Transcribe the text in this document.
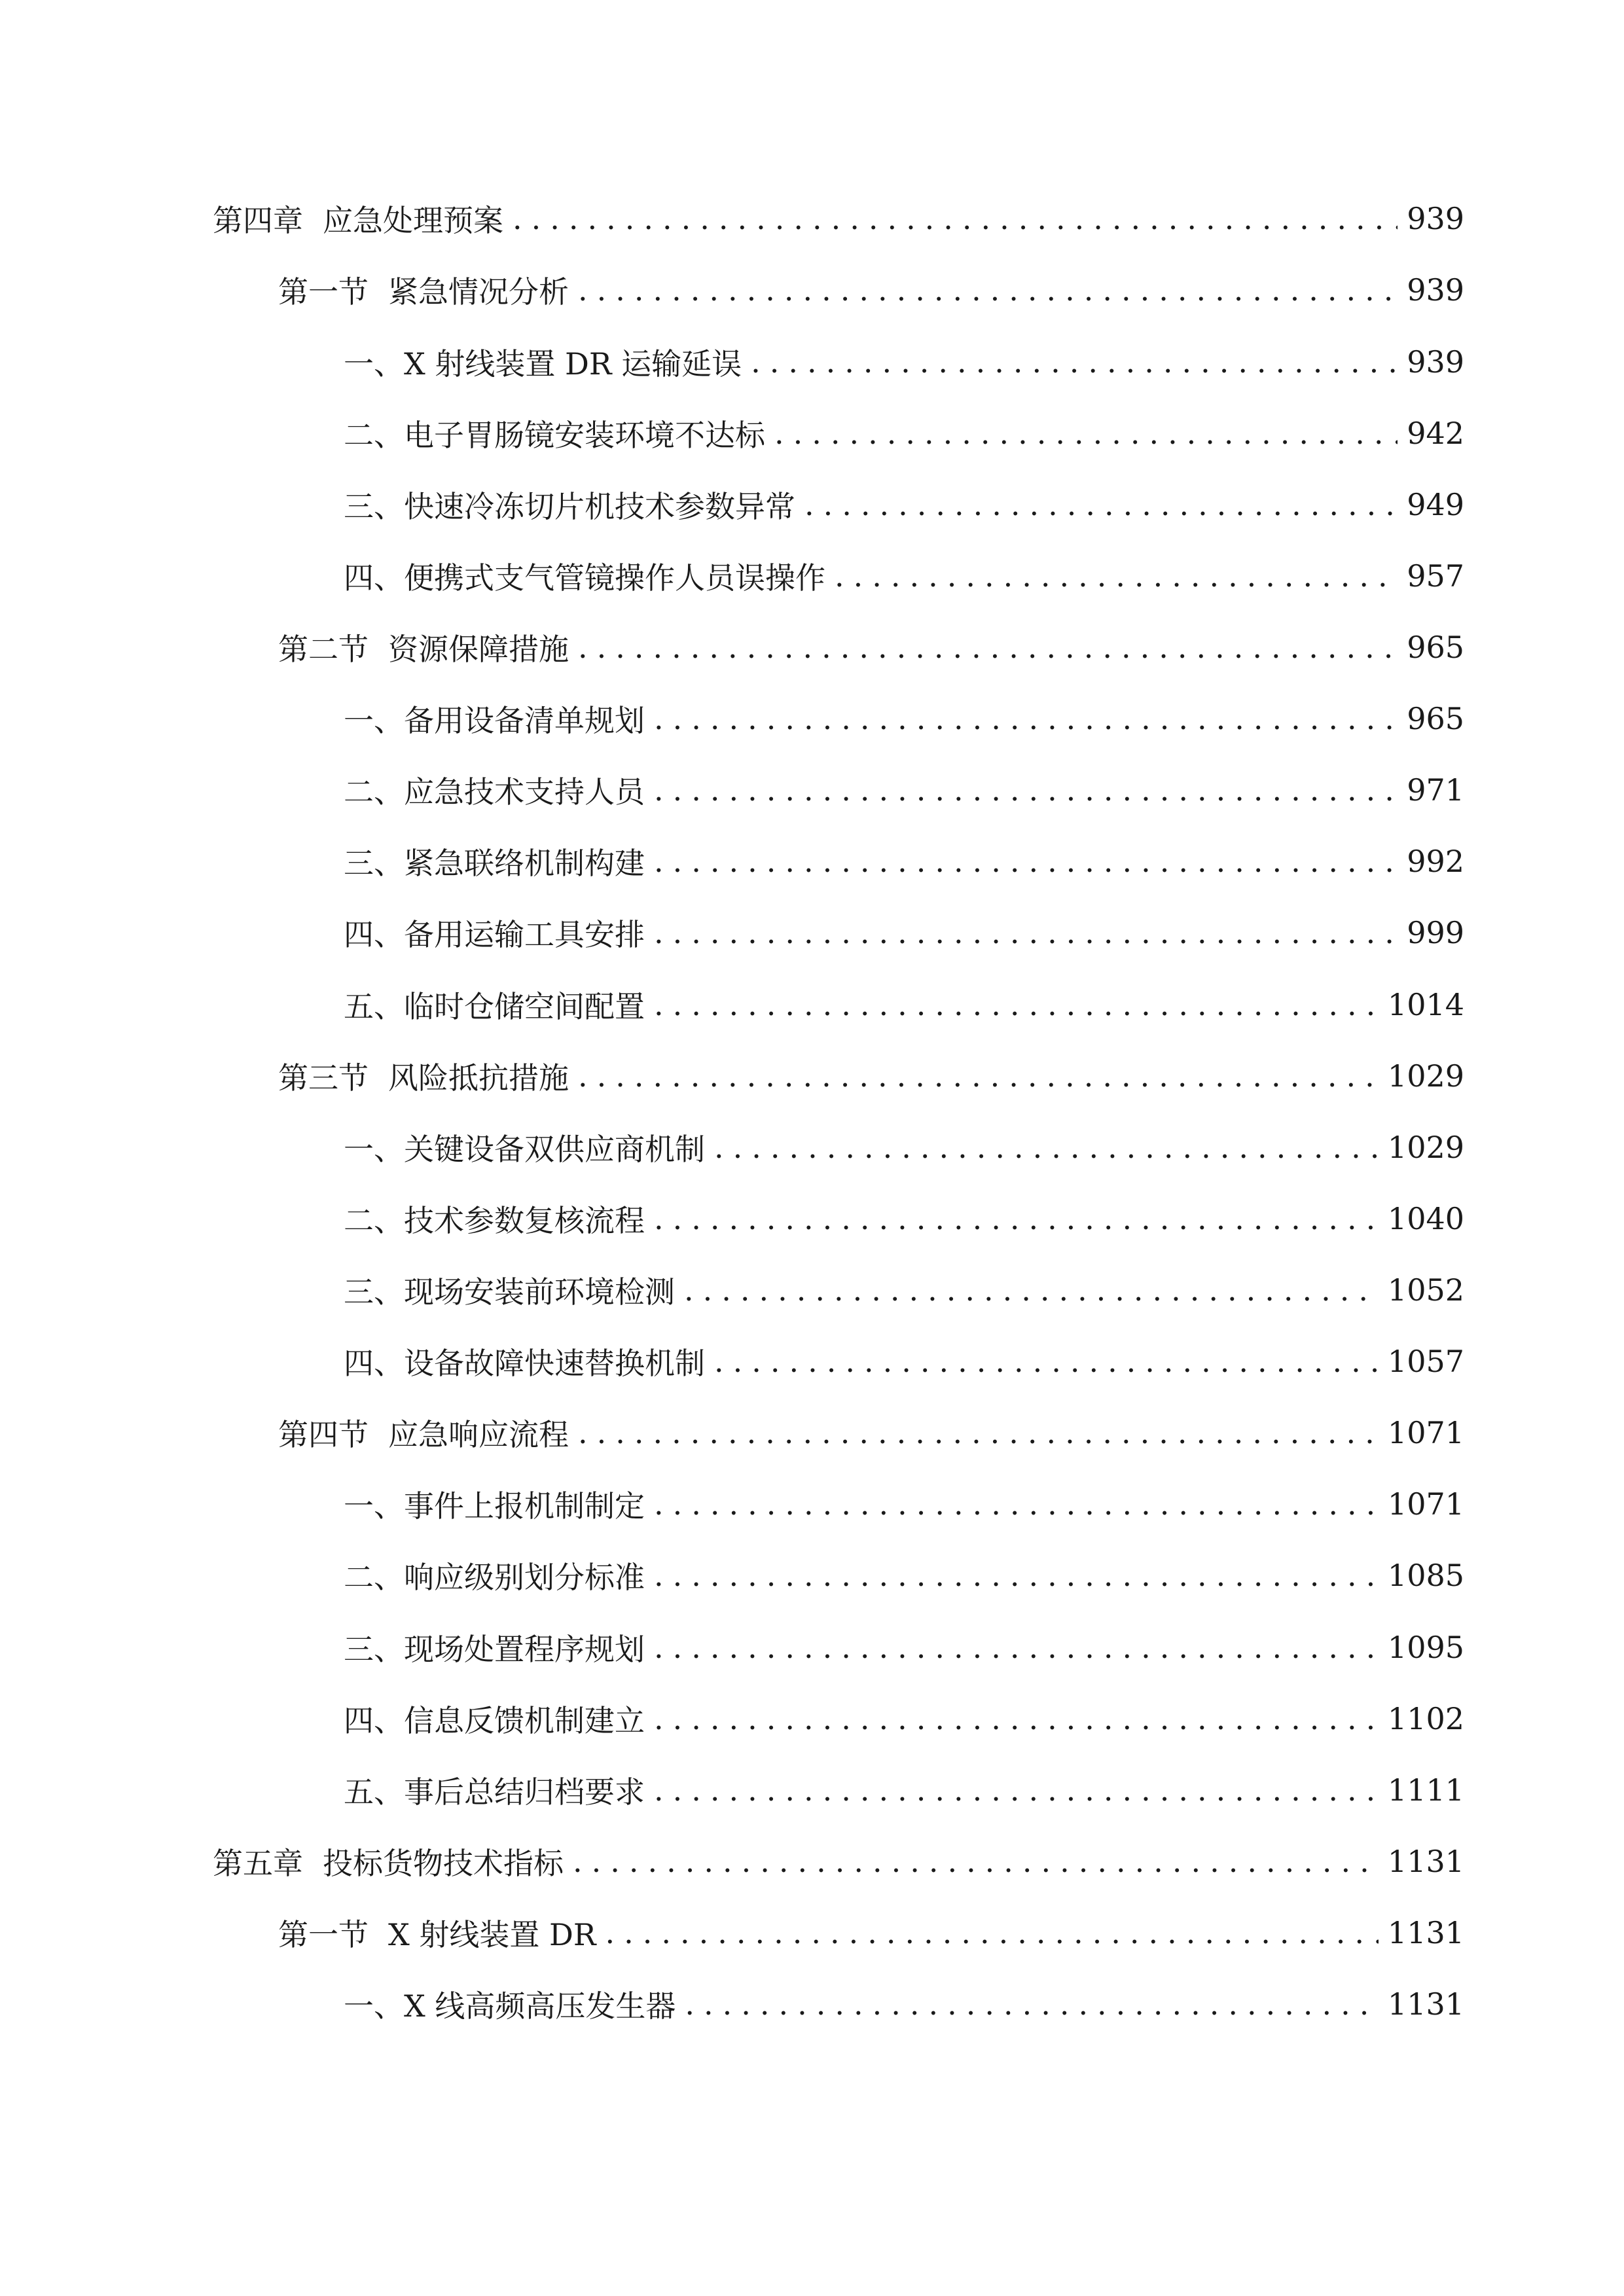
第四章 应急处理预案 .....	939
第一节 紧急情况分析 .....	939
一、 X 射线装置 DR 运输延误 .....	939
二、 电子胃肠镜安装环境不达标 .....	942
三、 快速冷冻切片机技术参数异常 .....	949
四、 便携式支气管镜操作人员误操作 .....	957
第二节 资源保障措施 .....	965
一、 备用设备清单规划 .....	965
二、 应急技术支持人员 .....	971
三、 紧急联络机制构建 .....	992
四、 备用运输工具安排 .....	999
五、 临时仓储空间配置 .....	1014
第三节 风险抵抗措施 .....	1029
一、 关键设备双供应商机制 .....	1029
二、 技术参数复核流程 .....	1040
三、 现场安装前环境检测 .....	1052
四、 设备故障快速替换机制 .....	1057
第四节 应急响应流程 .....	1071
一、 事件上报机制制定 .....	1071
二、 响应级别划分标准 .....	1085
三、 现场处置程序规划 .....	1095
四、 信息反馈机制建立 .....	1102
五、 事后总结归档要求 .....	1111
第五章 投标货物技术指标 .....	1131
第一节 X 射线装置 DR .....	1131
一、 X 线高频高压发生器 .....	1131
